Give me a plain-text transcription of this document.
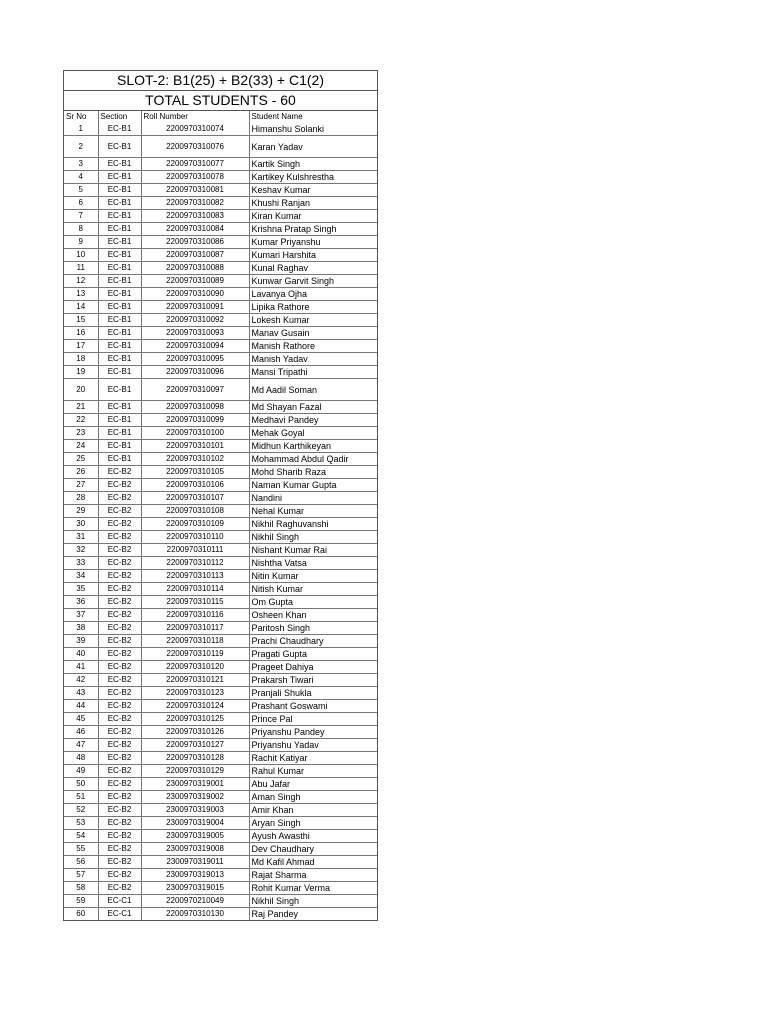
SLOT-2: B1(25) + B2(33) + C1(2)
TOTAL STUDENTS - 60
Sr No	Section	Roll Number	Student Name
1	EC-B1	2200970310074	Himanshu Solanki
2	EC-B1	2200970310076	Karan Yadav
3	EC-B1	2200970310077	Kartik Singh
4	EC-B1	2200970310078	Kartikey Kulshrestha
5	EC-B1	2200970310081	Keshav Kumar
6	EC-B1	2200970310082	Khushi Ranjan
7	EC-B1	2200970310083	Kiran Kumar
8	EC-B1	2200970310084	Krishna Pratap Singh
9	EC-B1	2200970310086	Kumar Priyanshu
10	EC-B1	2200970310087	Kumari Harshita
11	EC-B1	2200970310088	Kunal Raghav
12	EC-B1	2200970310089	Kunwar Garvit Singh
13	EC-B1	2200970310090	Lavanya Ojha
14	EC-B1	2200970310091	Lipika Rathore
15	EC-B1	2200970310092	Lokesh Kumar
16	EC-B1	2200970310093	Manav Gusain
17	EC-B1	2200970310094	Manish Rathore
18	EC-B1	2200970310095	Manish Yadav
19	EC-B1	2200970310096	Mansi Tripathi
20	EC-B1	2200970310097	Md Aadil Soman
21	EC-B1	2200970310098	Md Shayan Fazal
22	EC-B1	2200970310099	Medhavi Pandey
23	EC-B1	2200970310100	Mehak Goyal
24	EC-B1	2200970310101	Midhun Karthikeyan
25	EC-B1	2200970310102	Mohammad Abdul Qadir
26	EC-B2	2200970310105	Mohd Sharib Raza
27	EC-B2	2200970310106	Naman Kumar Gupta
28	EC-B2	2200970310107	Nandini
29	EC-B2	2200970310108	Nehal Kumar
30	EC-B2	2200970310109	Nikhil Raghuvanshi
31	EC-B2	2200970310110	Nikhil Singh
32	EC-B2	2200970310111	Nishant Kumar Rai
33	EC-B2	2200970310112	Nishtha Vatsa
34	EC-B2	2200970310113	Nitin Kumar
35	EC-B2	2200970310114	Nitish Kumar
36	EC-B2	2200970310115	Om Gupta
37	EC-B2	2200970310116	Osheen Khan
38	EC-B2	2200970310117	Paritosh Singh
39	EC-B2	2200970310118	Prachi Chaudhary
40	EC-B2	2200970310119	Pragati Gupta
41	EC-B2	2200970310120	Prageet Dahiya
42	EC-B2	2200970310121	Prakarsh Tiwari
43	EC-B2	2200970310123	Pranjali Shukla
44	EC-B2	2200970310124	Prashant Goswami
45	EC-B2	2200970310125	Prince Pal
46	EC-B2	2200970310126	Priyanshu Pandey
47	EC-B2	2200970310127	Priyanshu Yadav
48	EC-B2	2200970310128	Rachit Katiyar
49	EC-B2	2200970310129	Rahul Kumar
50	EC-B2	2300970319001	Abu Jafar
51	EC-B2	2300970319002	Aman Singh
52	EC-B2	2300970319003	Amir Khan
53	EC-B2	2300970319004	Aryan Singh
54	EC-B2	2300970319005	Ayush Awasthi
55	EC-B2	2300970319008	Dev Chaudhary
56	EC-B2	2300970319011	Md Kafil Ahmad
57	EC-B2	2300970319013	Rajat Sharma
58	EC-B2	2300970319015	Rohit Kumar Verma
59	EC-C1	2200970210049	Nikhil Singh
60	EC-C1	2200970310130	Raj Pandey
